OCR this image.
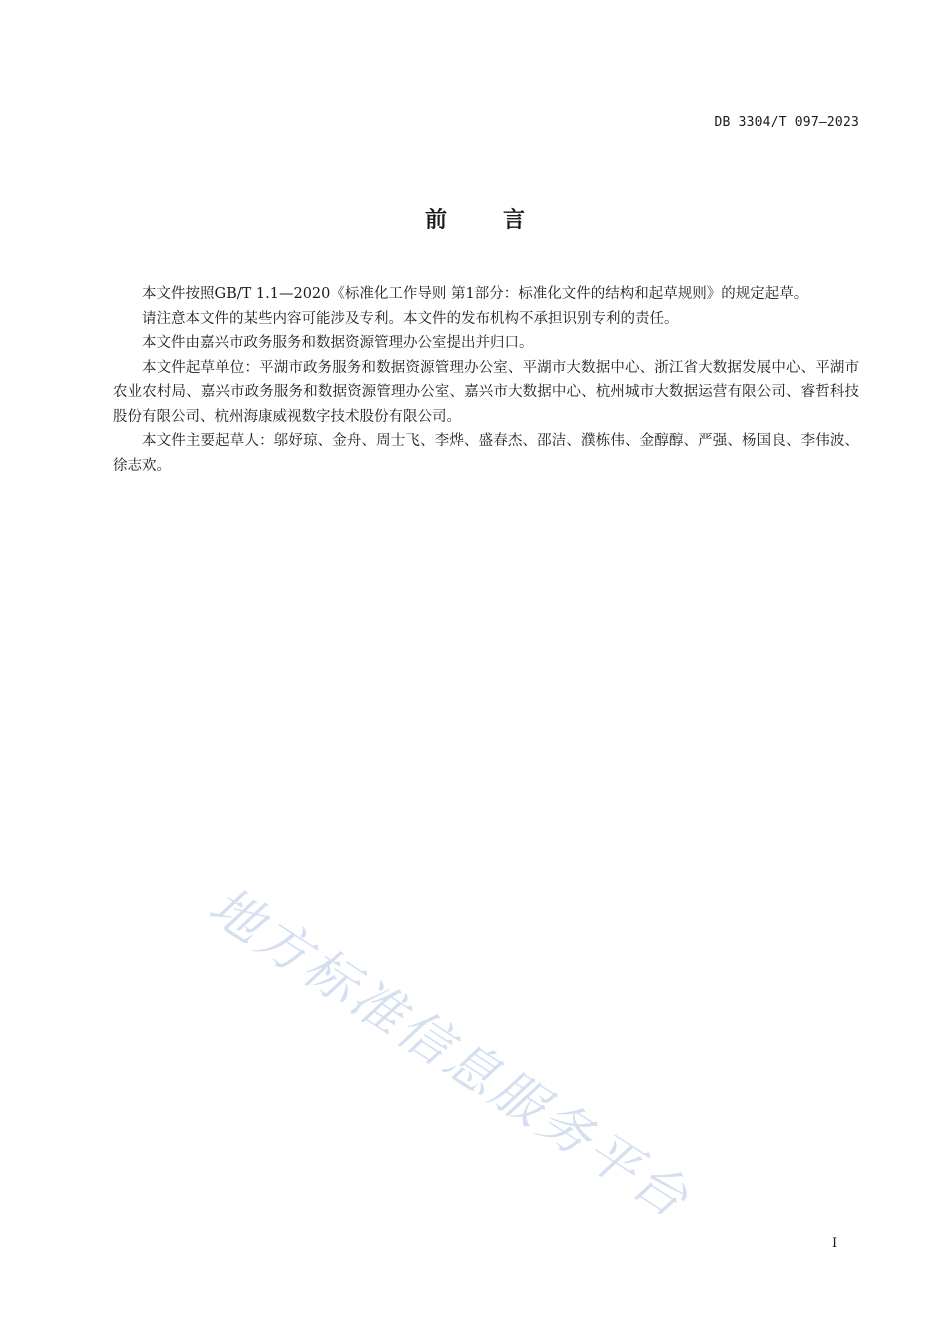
DB 3304/T 097—2023
前	言

本文件按照GB/T 1.1—2020《标准化工作导则 第1部分：标准化文件的结构和起草规则》的规定起草。

请注意本文件的某些内容可能涉及专利。本文件的发布机构不承担识别专利的责任。

本文件由嘉兴市政务服务和数据资源管理办公室提出并归口。

本文件起草单位：平湖市政务服务和数据资源管理办公室、平湖市大数据中心、浙江省大数据发展中心、平湖市农业农村局、嘉兴市政务服务和数据资源管理办公室、嘉兴市大数据中心、杭州城市大数据运营有限公司、睿哲科技股份有限公司、杭州海康威视数字技术股份有限公司。

本文件主要起草人：邬妤琼、金舟、周士飞、李烨、盛春杰、邵洁、濮栋伟、金醇醇、严强、杨国良、李伟波、徐志欢。

地方标准信息服务平台
I
